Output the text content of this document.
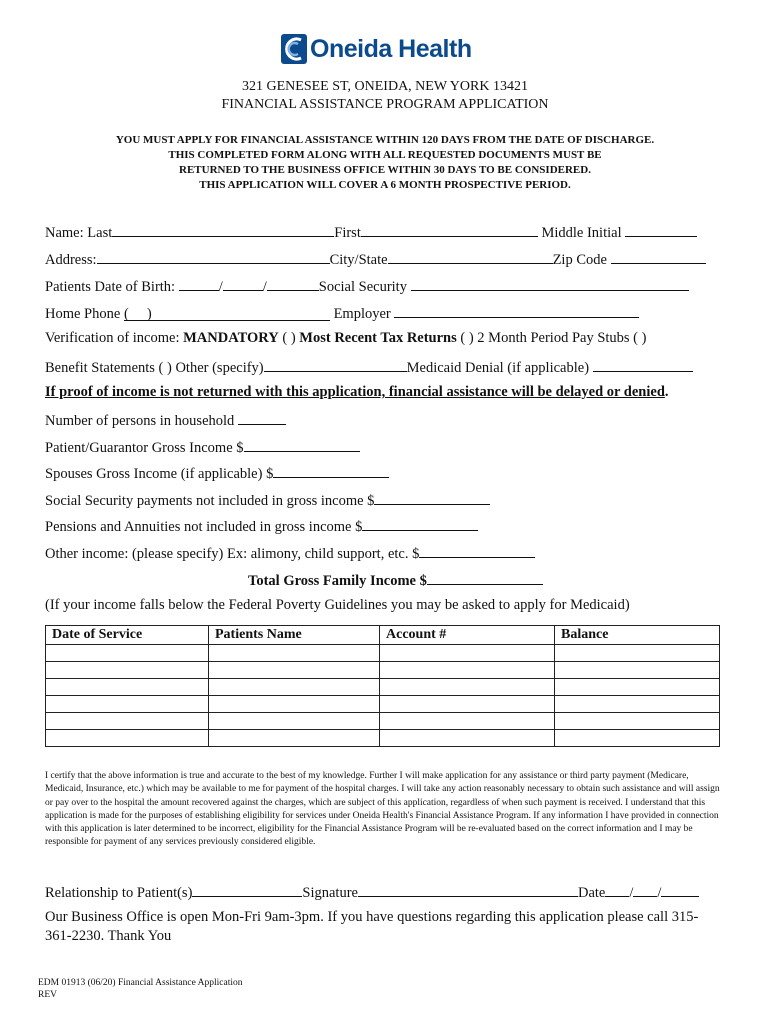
Oneida Health
321 GENESEE ST, ONEIDA, NEW YORK 13421
FINANCIAL ASSISTANCE PROGRAM APPLICATION
YOU MUST APPLY FOR FINANCIAL ASSISTANCE WITHIN 120 DAYS FROM THE DATE OF DISCHARGE.
THIS COMPLETED FORM ALONG WITH ALL REQUESTED DOCUMENTS MUST BE
RETURNED TO THE BUSINESS OFFICE WITHIN 30 DAYS TO BE CONSIDERED.
THIS APPLICATION WILL COVER A 6 MONTH PROSPECTIVE PERIOD.
Name: Last	First	Middle Initial
Address:	City/State	Zip Code
Patients Date of Birth:	/	/	Social Security
Home Phone (     )	Employer
Verification of income: MANDATORY ( ) Most Recent Tax Returns ( ) 2 Month Period Pay Stubs ( )
Benefit Statements ( ) Other (specify)	Medicaid Denial (if applicable)
If proof of income is not returned with this application, financial assistance will be delayed or denied.
Number of persons in household
Patient/Guarantor Gross Income $
Spouses Gross Income (if applicable) $
Social Security payments not included in gross income $
Pensions and Annuities not included in gross income $
Other income: (please specify) Ex: alimony, child support, etc. $
Total Gross Family Income $
(If your income falls below the Federal Poverty Guidelines you may be asked to apply for Medicaid)
Date of Service	Patients Name	Account #	Balance

I certify that the above information is true and accurate to the best of my knowledge. Further I will make application for any assistance or third party payment (Medicare, Medicaid, Insurance, etc.) which may be available to me for payment of the hospital charges. I will take any action reasonably necessary to obtain such assistance and will assign or pay over to the hospital the amount recovered against the charges, which are subject of this application, regardless of when such payment is received. I understand that this application is made for the purposes of establishing eligibility for services under Oneida Health's Financial Assistance Program. If any information I have provided in connection with this application is later determined to be incorrect, eligibility for the Financial Assistance Program will be re-evaluated based on the correct information and I may be responsible for payment of any services previously considered eligible.
Relationship to Patient(s)	Signature	Date / /
Our Business Office is open Mon-Fri 9am-3pm. If you have questions regarding this application please call 315-361-2230. Thank You
EDM 01913 (06/20) Financial Assistance Application
REV
